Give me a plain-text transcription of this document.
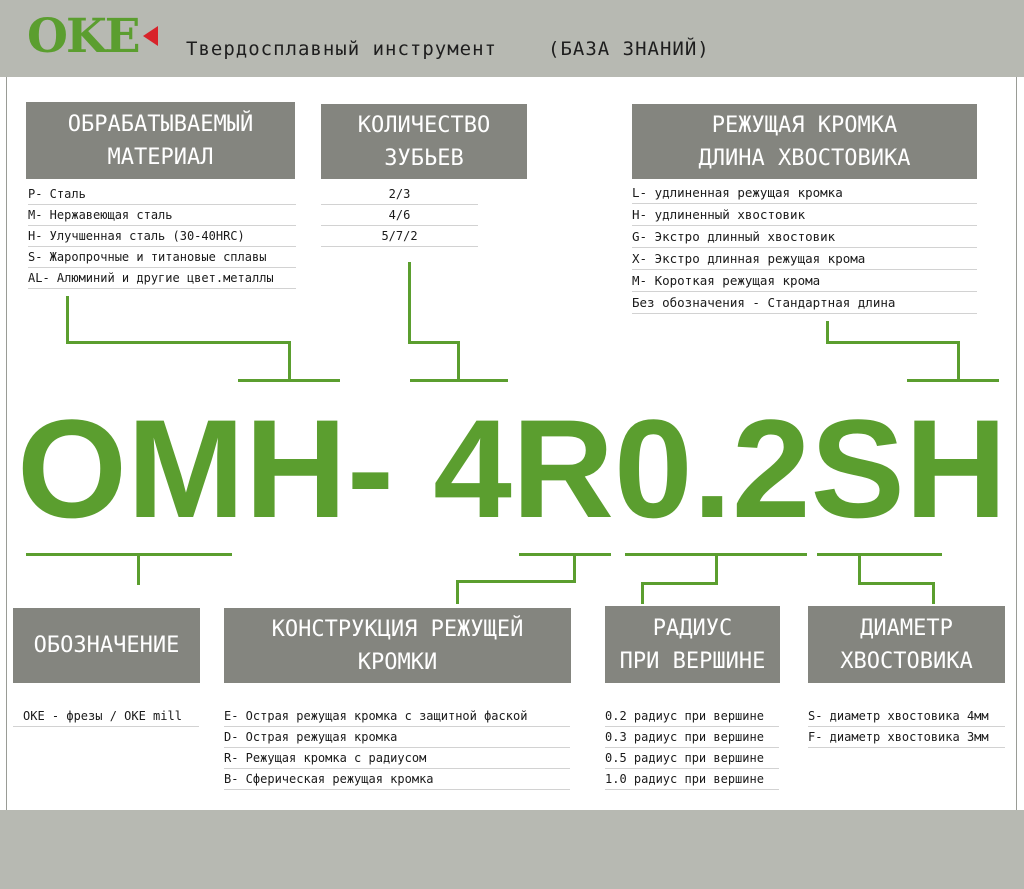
OKE Твердосплавный инструмент	(БАЗА ЗНАНИЙ)
ОБРАБАТЫВАЕМЫЙ
МАТЕРИАЛ
P- Сталь
M- Нержавеющая сталь
H- Улучшенная сталь (30-40HRC)
S- Жаропрочные и титановые сплавы
AL- Алюминий и другие цвет.металлы
КОЛИЧЕСТВО
ЗУБЬЕВ
2/3
4/6
5/7/2
РЕЖУЩАЯ КРОМКА
ДЛИНА ХВОСТОВИКА
L- удлиненная режущая кромка
H- удлиненный хвостовик
G- Экстро длинный хвостовик
X- Экстро длинная режущая крома
M- Короткая режущая крома
Без обозначения - Стандартная длина
OMH- 4R0.2SH
ОБОЗНАЧЕНИЕ
OKE - фрезы / OKE mill
КОНСТРУКЦИЯ РЕЖУЩЕЙ
КРОМКИ
E- Острая режущая кромка с защитной фаской
D- Острая режущая кромка
R- Режущая кромка с радиусом
B- Сферическая режущая кромка
РАДИУС
ПРИ ВЕРШИНЕ
0.2 радиус при вершине
0.3 радиус при вершине
0.5 радиус при вершине
1.0 радиус при вершине
ДИАМЕТР
ХВОСТОВИКА
S- диаметр хвостовика 4мм
F- диаметр хвостовика 3мм
